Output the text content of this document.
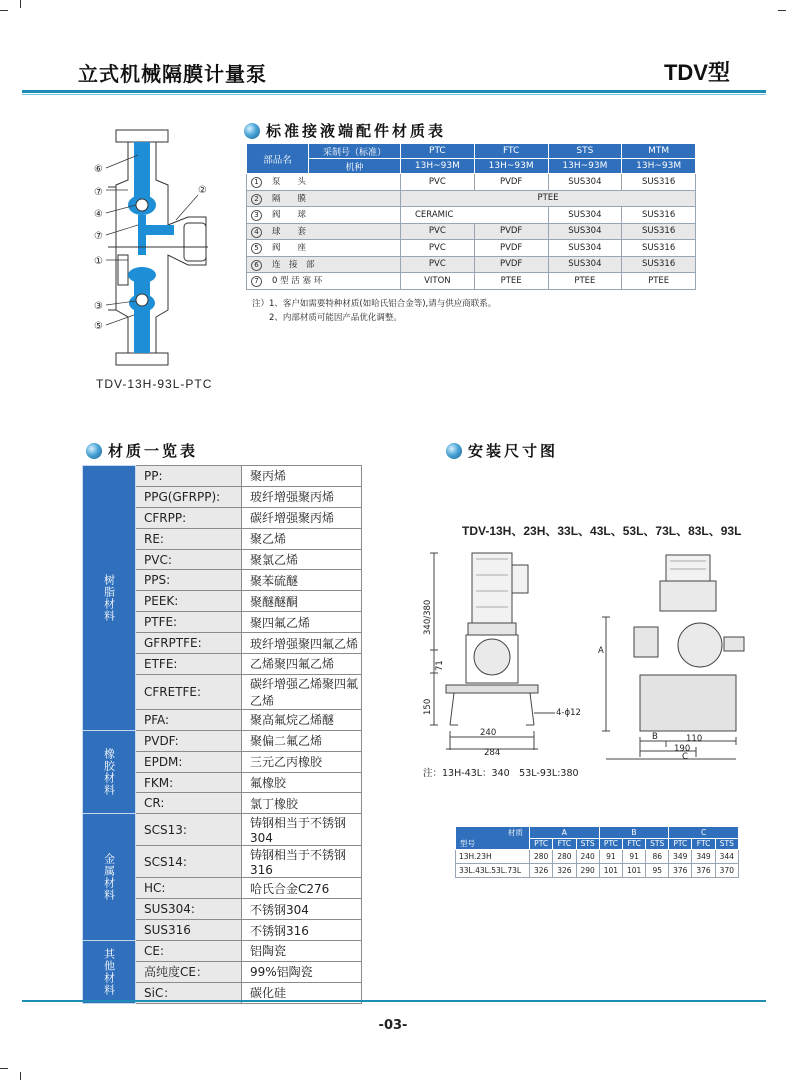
立式机械隔膜计量泵	TDV型
⑥
⑦
④
⑦
①
③
⑤
②
TDV-13H-93L-PTC
标准接液端配件材质表
部品名	采制号（标准）	PTC	FTC	STS	MTM
	机种	13H~93M	13H~93M	13H~93M	13H~93M
1 泵　　头		PVC	PVDF	SUS304	SUS316
2 隔　　膜		PTEE			
3 阀　　球		CERAMIC		SUS304	SUS316
4 球　　套		PVC	PVDF	SUS304	SUS316
5 阀　　座		PVC	PVDF	SUS304	SUS316
6 连　接　部		PVC	PVDF	SUS304	SUS316
7 0 型 活 塞 环		VITON	PTEE	PTEE	PTEE
注）1、客户如需要特种材质(如哈氏铝合金等),请与供应商联系。
2、内部材质可能因产品优化调整。
材质一览表
树脂材料	PP:	聚丙烯
	PPG(GFRPP):	玻纤增强聚丙烯
	CFRPP:	碳纤增强聚丙烯
	RE:	聚乙烯
	PVC:	聚氯乙烯
	PPS:	聚苯硫醚
	PEEK:	聚醚醚酮
	PTFE:	聚四氟乙烯
	GFRPTFE:	玻纤增强聚四氟乙烯
	ETFE:	乙烯聚四氟乙烯
	CFRETFE:	碳纤增强乙烯聚四氟乙烯
	PFA:	聚高氟烷乙烯醚
橡胶材料	PVDF:	聚偏二氟乙烯
	EPDM:	三元乙丙橡胶
	FKM:	氟橡胶
	CR:	氯丁橡胶
金属材料	SCS13:	铸钢相当于不锈钢304
	SCS14:	铸钢相当于不锈钢316
	HC:	哈氏合金C276
	SUS304:	不锈钢304
	SUS316	不锈钢316
其他材料	CE:	铝陶瓷
	高纯度CE：	99%铝陶瓷
	SiC：	碳化硅
安装尺寸图
TDV-13H、23H、33L、43L、53L、73L、83L、93L
340/380
71
150
240
284
4-ϕ12
A
B	110
190
C
注：13H-43L：340　53L-93L:380
材质
型号	A			B			C		
	PTC	FTC	STS	PTC	FTC	STS	PTC	FTC	STS
13H.23H	280	280	240	91	91	86	349	349	344
33L.43L.53L.73L	326	326	290	101	101	95	376	376	370
-03-
